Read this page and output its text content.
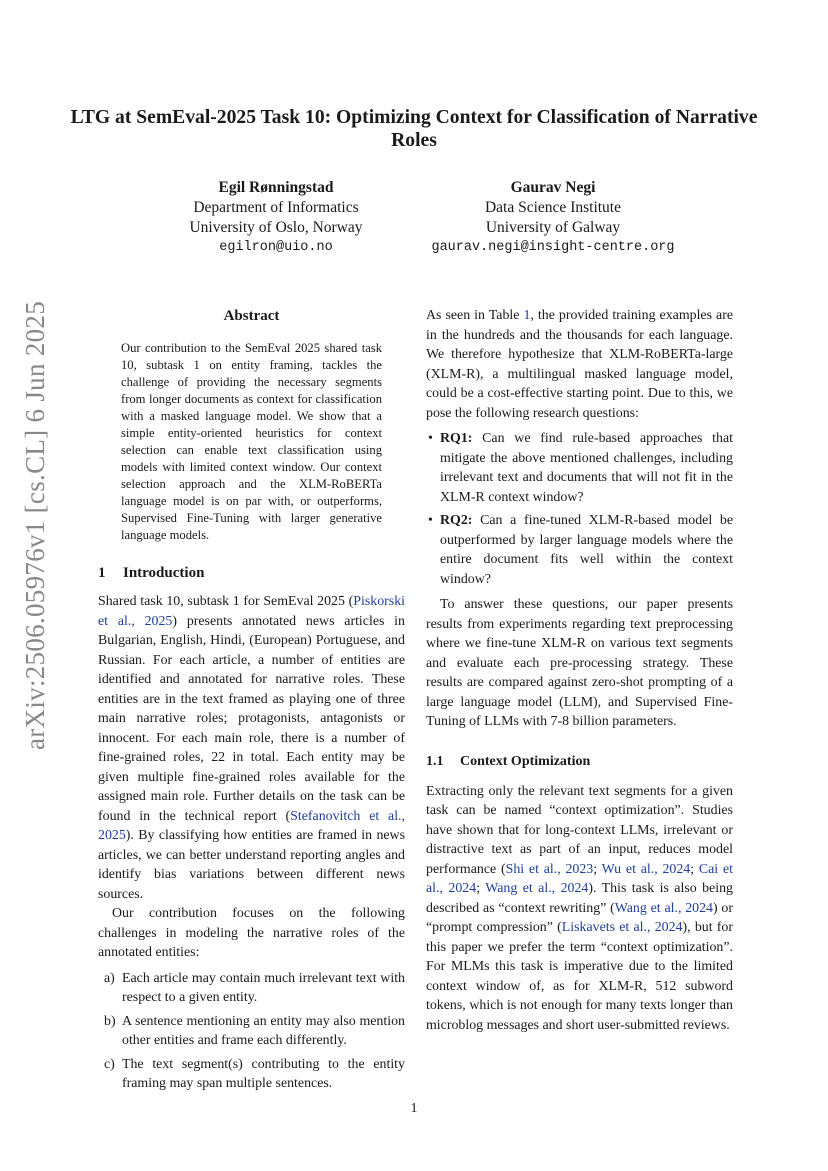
arXiv:2506.05976v1 [cs.CL] 6 Jun 2025
LTG at SemEval-2025 Task 10: Optimizing Context for Classification of Narrative Roles
Egil Rønningstad
Department of Informatics
University of Oslo, Norway
egilron@uio.no
Gaurav Negi
Data Science Institute
University of Galway
gaurav.negi@insight-centre.org
Abstract

Our contribution to the SemEval 2025 shared task 10, subtask 1 on entity framing, tackles the challenge of providing the necessary segments from longer documents as context for classification with a masked language model. We show that a simple entity-oriented heuristics for context selection can enable text classification using models with limited context window. Our context selection approach and the XLM-RoBERTa language model is on par with, or outperforms, Supervised Fine-Tuning with larger generative language models.

1 Introduction

Shared task 10, subtask 1 for SemEval 2025 (Piskorski et al., 2025) presents annotated news articles in Bulgarian, English, Hindi, (European) Portuguese, and Russian. For each article, a number of entities are identified and annotated for narrative roles. These entities are in the text framed as playing one of three main narrative roles; protagonists, antagonists or innocent. For each main role, there is a number of fine-grained roles, 22 in total. Each entity may be given multiple fine-grained roles available for the assigned main role. Further details on the task can be found in the technical report (Stefanovitch et al., 2025). By classifying how entities are framed in news articles, we can better understand reporting angles and identify bias variations between different news sources.

Our contribution focuses on the following challenges in modeling the narrative roles of the annotated entities:

a) Each article may contain much irrelevant text with respect to a given entity.
b) A sentence mentioning an entity may also mention other entities and frame each differently.
c) The text segment(s) contributing to the entity framing may span multiple sentences.

As seen in Table 1, the provided training examples are in the hundreds and the thousands for each language. We therefore hypothesize that XLM-RoBERTa-large (XLM-R), a multilingual masked language model, could be a cost-effective starting point. Due to this, we pose the following research questions:

• RQ1: Can we find rule-based approaches that mitigate the above mentioned challenges, including irrelevant text and documents that will not fit in the XLM-R context window?
• RQ2: Can a fine-tuned XLM-R-based model be outperformed by larger language models where the entire document fits well within the context window?

To answer these questions, our paper presents results from experiments regarding text preprocessing where we fine-tune XLM-R on various text segments and evaluate each pre-processing strategy. These results are compared against zero-shot prompting of a large language model (LLM), and Supervised Fine-Tuning of LLMs with 7-8 billion parameters.

1.1 Context Optimization

Extracting only the relevant text segments for a given task can be named “context optimization”. Studies have shown that for long-context LLMs, irrelevant or distractive text as part of an input, reduces model performance (Shi et al., 2023; Wu et al., 2024; Cai et al., 2024; Wang et al., 2024). This task is also being described as “context rewriting” (Wang et al., 2024) or “prompt compression” (Liskavets et al., 2024), but for this paper we prefer the term “context optimization”. For MLMs this task is imperative due to the limited context window of, as for XLM-R, 512 subword tokens, which is not enough for many texts longer than microblog messages and short user-submitted reviews.

1
